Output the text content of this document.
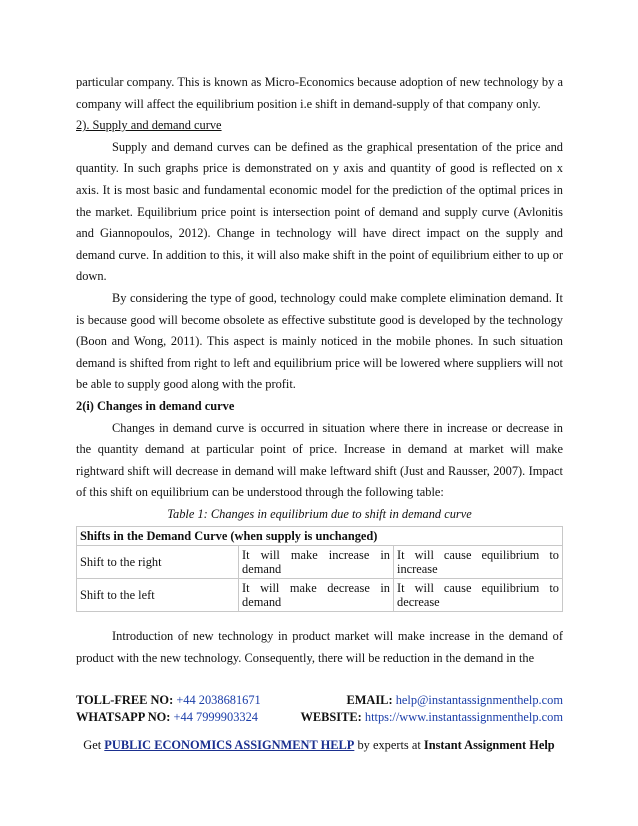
particular company. This is known as Micro-Economics because adoption of new technology by a company will affect the equilibrium position i.e shift in demand-supply of that company only.

2). Supply and demand curve

Supply and demand curves can be defined as the graphical presentation of the price and quantity. In such graphs price is demonstrated on y axis and quantity of good is reflected on x axis. It is most basic and fundamental economic model for the prediction of the optimal prices in the market. Equilibrium price point is intersection point of demand and supply curve (Avlonitis and Giannopoulos, 2012). Change in technology will have direct impact on the supply and demand curve. In addition to this, it will also make shift in the point of equilibrium either to up or down.

By considering the type of good, technology could make complete elimination demand. It is because good will become obsolete as effective substitute good is developed by the technology (Boon and Wong, 2011). This aspect is mainly noticed in the mobile phones. In such situation demand is shifted from right to left and equilibrium price will be lowered where suppliers will not be able to supply good along with the profit.

2(i) Changes in demand curve

Changes in demand curve is occurred in situation where there in increase or decrease in the quantity demand at particular point of price. Increase in demand at market will make rightward shift will decrease in demand will make leftward shift (Just and Rausser, 2007). Impact of this shift on equilibrium can be understood through the following table:

Table 1: Changes in equilibrium due to shift in demand curve

Shifts in the Demand Curve (when supply is unchanged)		
Shift to the right	It will make increase in demand	It will cause equilibrium to increase
Shift to the left	It will make decrease in demand	It will cause equilibrium to decrease

Introduction of new technology in product market will make increase in the demand of product with the new technology. Consequently, there will be reduction in the demand in the

TOLL-FREE NO: +44 2038681671	EMAIL: help@instantassignmenthelp.com
WHATSAPP NO: +44 7999903324	WEBSITE: https://www.instantassignmenthelp.com
Get PUBLIC ECONOMICS ASSIGNMENT HELP by experts at Instant Assignment Help
